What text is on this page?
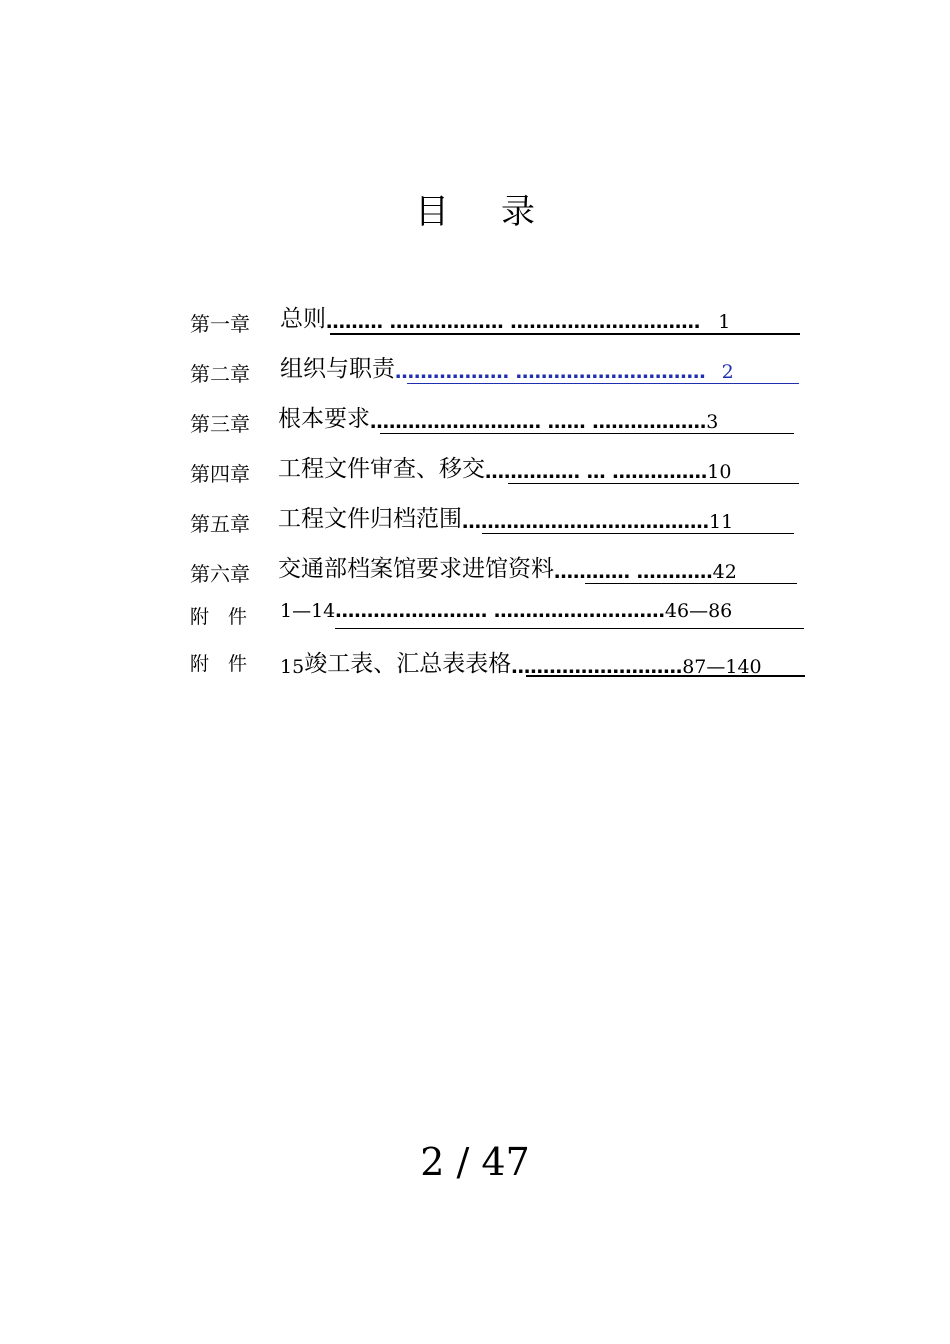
目 录
第一章 总则 ……… ……………… ………………………… 1
第二章 组织与职责 ……………… ………………………… 2
第三章 根本要求 ……………………… …… ……………… 3
第四章 工程文件审查、移交 …………… … …………… 10
第五章 工程文件归档范围 ………………………………… 11
第六章 交通部档案馆要求进馆资料 ………… ………… 42
附　件 1—14 …………………… ……………………… 46—86
附　件 15 竣工表、汇总表表格 ……………………… 87—140
2 / 47
